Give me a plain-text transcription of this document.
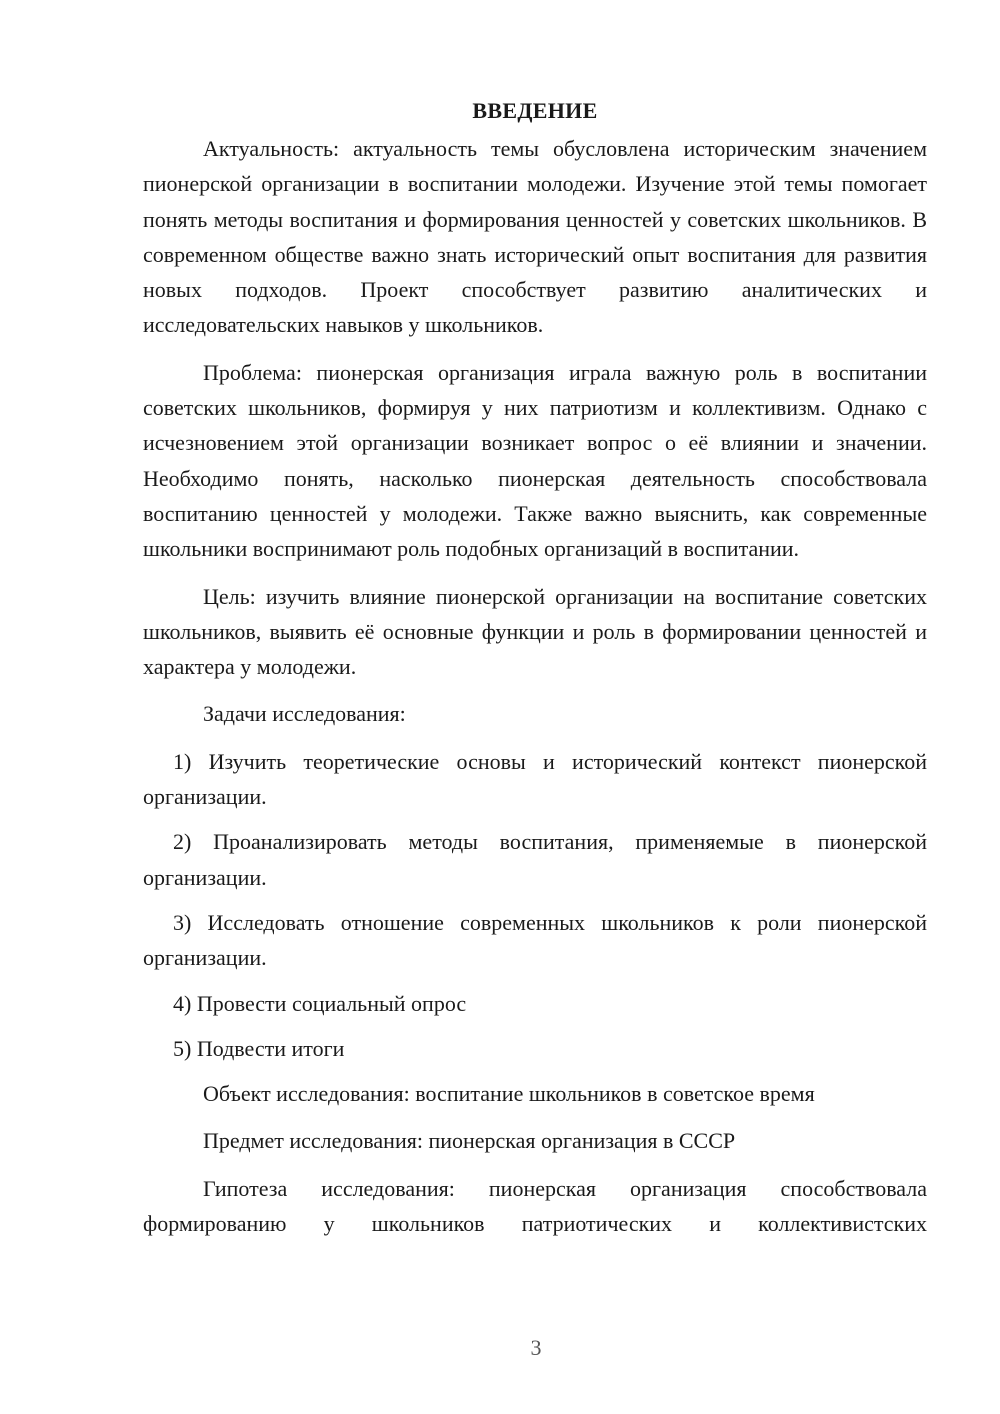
ВВЕДЕНИЕ

Актуальность: актуальность темы обусловлена историческим значением пионерской организации в воспитании молодежи. Изучение этой темы помогает понять методы воспитания и формирования ценностей у советских школьников. В современном обществе важно знать исторический опыт воспитания для развития новых подходов. Проект способствует развитию аналитических и исследовательских навыков у школьников.

Проблема: пионерская организация играла важную роль в воспитании советских школьников, формируя у них патриотизм и коллективизм. Однако с исчезновением этой организации возникает вопрос о её влиянии и значении. Необходимо понять, насколько пионерская деятельность способствовала воспитанию ценностей у молодежи. Также важно выяснить, как современные школьники воспринимают роль подобных организаций в воспитании.

Цель: изучить влияние пионерской организации на воспитание советских школьников, выявить её основные функции и роль в формировании ценностей и характера у молодежи.

Задачи исследования:

1) Изучить теоретические основы и исторический контекст пионерской организации.

2) Проанализировать методы воспитания, применяемые в пионерской организации.

3) Исследовать отношение современных школьников к роли пионерской организации.

4) Провести социальный опрос

5) Подвести итоги

Объект исследования: воспитание школьников в советское время

Предмет исследования: пионерская организация в СССР

Гипотеза исследования: пионерская организация способствовала формированию у школьников патриотических и коллективистских

3
